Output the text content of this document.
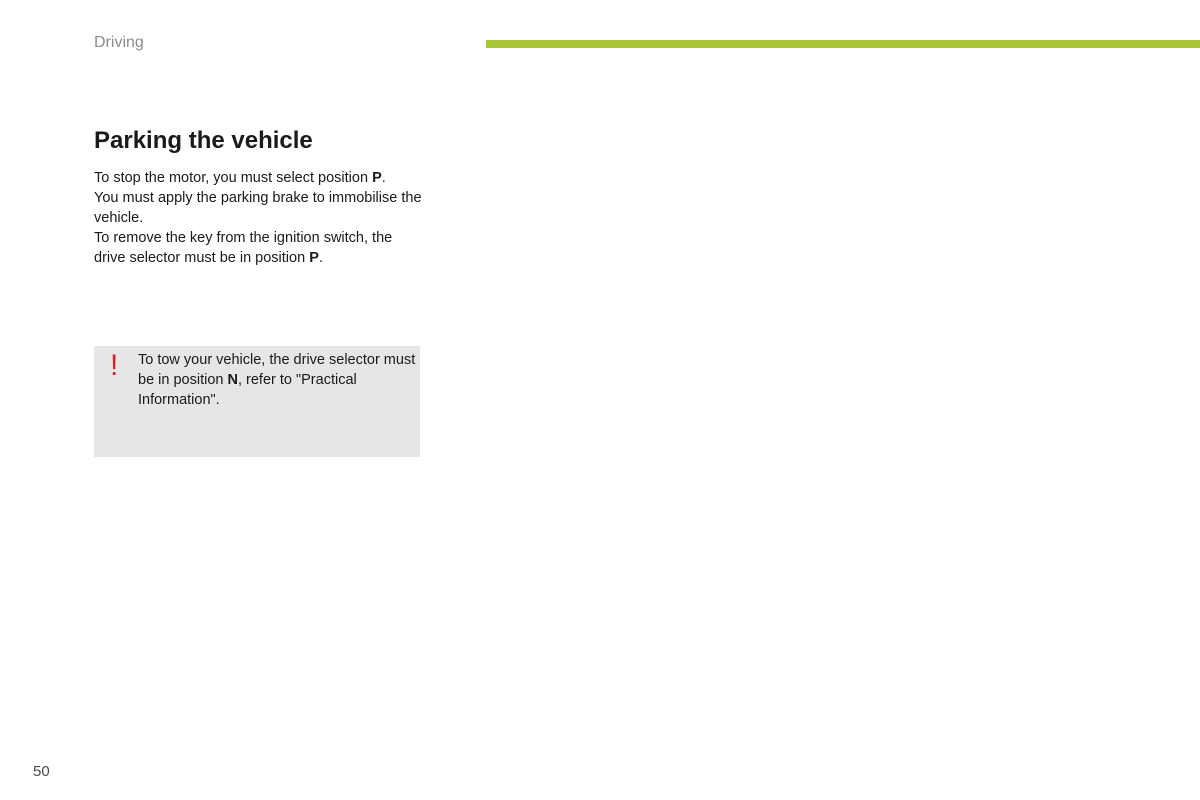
Driving
Parking the vehicle

To stop the motor, you must select position P.

You must apply the parking brake to immobilise the vehicle.

To remove the key from the ignition switch, the drive selector must be in position P.

! To tow your vehicle, the drive selector must be in position N, refer to "Practical Information".

50
